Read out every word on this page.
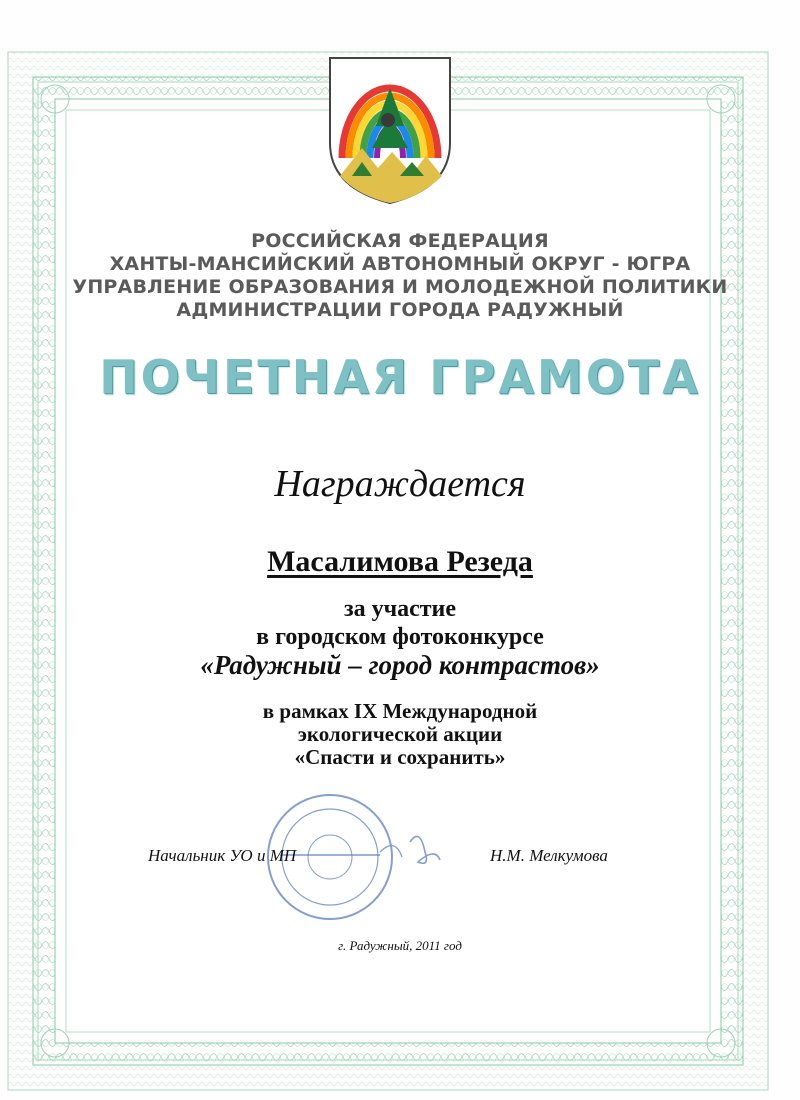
РОССИЙСКАЯ ФЕДЕРАЦИЯ
ХАНТЫ-МАНСИЙСКИЙ АВТОНОМНЫЙ ОКРУГ - ЮГРА
УПРАВЛЕНИЕ ОБРАЗОВАНИЯ И МОЛОДЕЖНОЙ ПОЛИТИКИ
АДМИНИСТРАЦИИ ГОРОДА РАДУЖНЫЙ
ПОЧЕТНАЯ ГРАМОТА
Награждается
Масалимова Резеда
за участие
в городском фотоконкурсе
«Радужный – город контрастов»
в рамках IX Международной
экологической акции
«Спасти и сохранить»
Начальник УО и МП	Н.М. Мелкумова
г. Радужный, 2011 год
